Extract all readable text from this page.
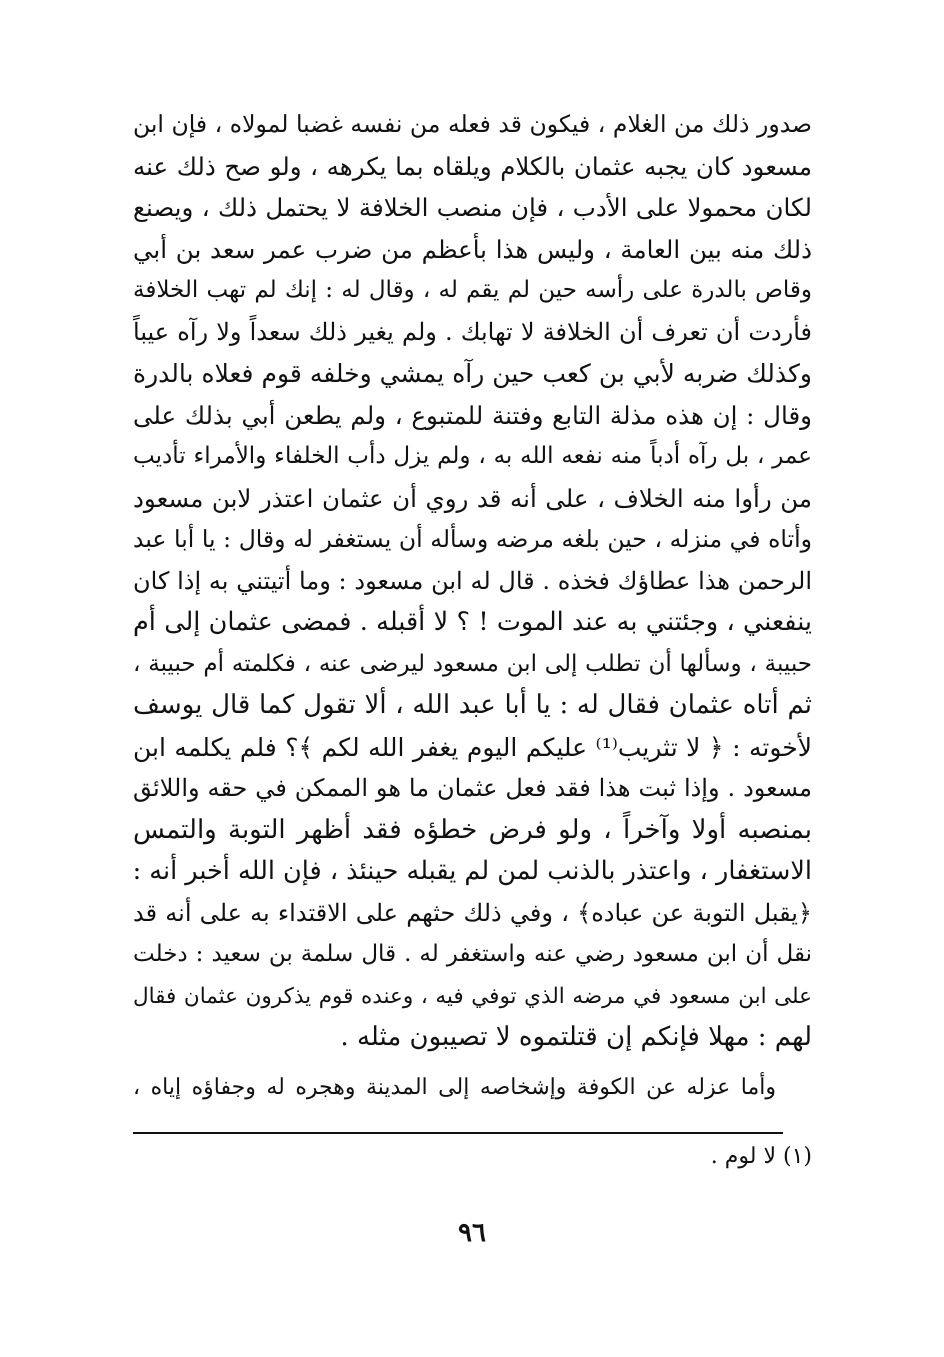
صدور ذلك من الغلام ، فيكون قد فعله من نفسه غضبا لمولاه ، فإن ابن
مسعود كان يجبه عثمان بالكلام ويلقاه بما يكرهه ، ولو صح ذلك عنه
لكان محمولا على الأدب ، فإن منصب الخلافة لا يحتمل ذلك ، ويصنع
ذلك منه بين العامة ، وليس هذا بأعظم من ضرب عمر سعد بن أبي
وقاص بالدرة على رأسه حين لم يقم له ، وقال له : إنك لم تهب الخلافة
فأردت أن تعرف أن الخلافة لا تهابك . ولم يغير ذلك سعداً ولا رآه عيباً
وكذلك ضربه لأبي بن كعب حين رآه يمشي وخلفه قوم فعلاه بالدرة
وقال : إن هذه مذلة التابع وفتنة للمتبوع ، ولم يطعن أبي بذلك على
عمر ، بل رآه أدباً منه نفعه الله به ، ولم يزل دأب الخلفاء والأمراء تأديب
من رأوا منه الخلاف ، على أنه قد روي أن عثمان اعتذر لابن مسعود
وأتاه في منزله ، حين بلغه مرضه وسأله أن يستغفر له وقال : يا أبا عبد
الرحمن هذا عطاؤك فخذه . قال له ابن مسعود : وما أتيتني به إذا كان
ينفعني ، وجئتني به عند الموت ! ؟ لا أقبله . فمضى عثمان إلى أم
حبيبة ، وسألها أن تطلب إلى ابن مسعود ليرضى عنه ، فكلمته أم حبيبة ،
ثم أتاه عثمان فقال له : يا أبا عبد الله ، ألا تقول كما قال يوسف
لأخوته : ﴿ لا تثريب⁽¹⁾ عليكم اليوم يغفر الله لكم ﴾؟ فلم يكلمه ابن
مسعود . وإذا ثبت هذا فقد فعل عثمان ما هو الممكن في حقه واللائق
بمنصبه أولا وآخراً ، ولو فرض خطؤه فقد أظهر التوبة والتمس
الاستغفار ، واعتذر بالذنب لمن لم يقبله حينئذ ، فإن الله أخبر أنه :
﴿يقبل التوبة عن عباده﴾ ، وفي ذلك حثهم على الاقتداء به على أنه قد
نقل أن ابن مسعود رضي عنه واستغفر له . قال سلمة بن سعيد : دخلت
على ابن مسعود في مرضه الذي توفي فيه ، وعنده قوم يذكرون عثمان فقال
لهم : مهلا فإنكم إن قتلتموه لا تصيبون مثله .
وأما عزله عن الكوفة وإشخاصه إلى المدينة وهجره له وجفاؤه إياه ،
(١) لا لوم .
٩٦
